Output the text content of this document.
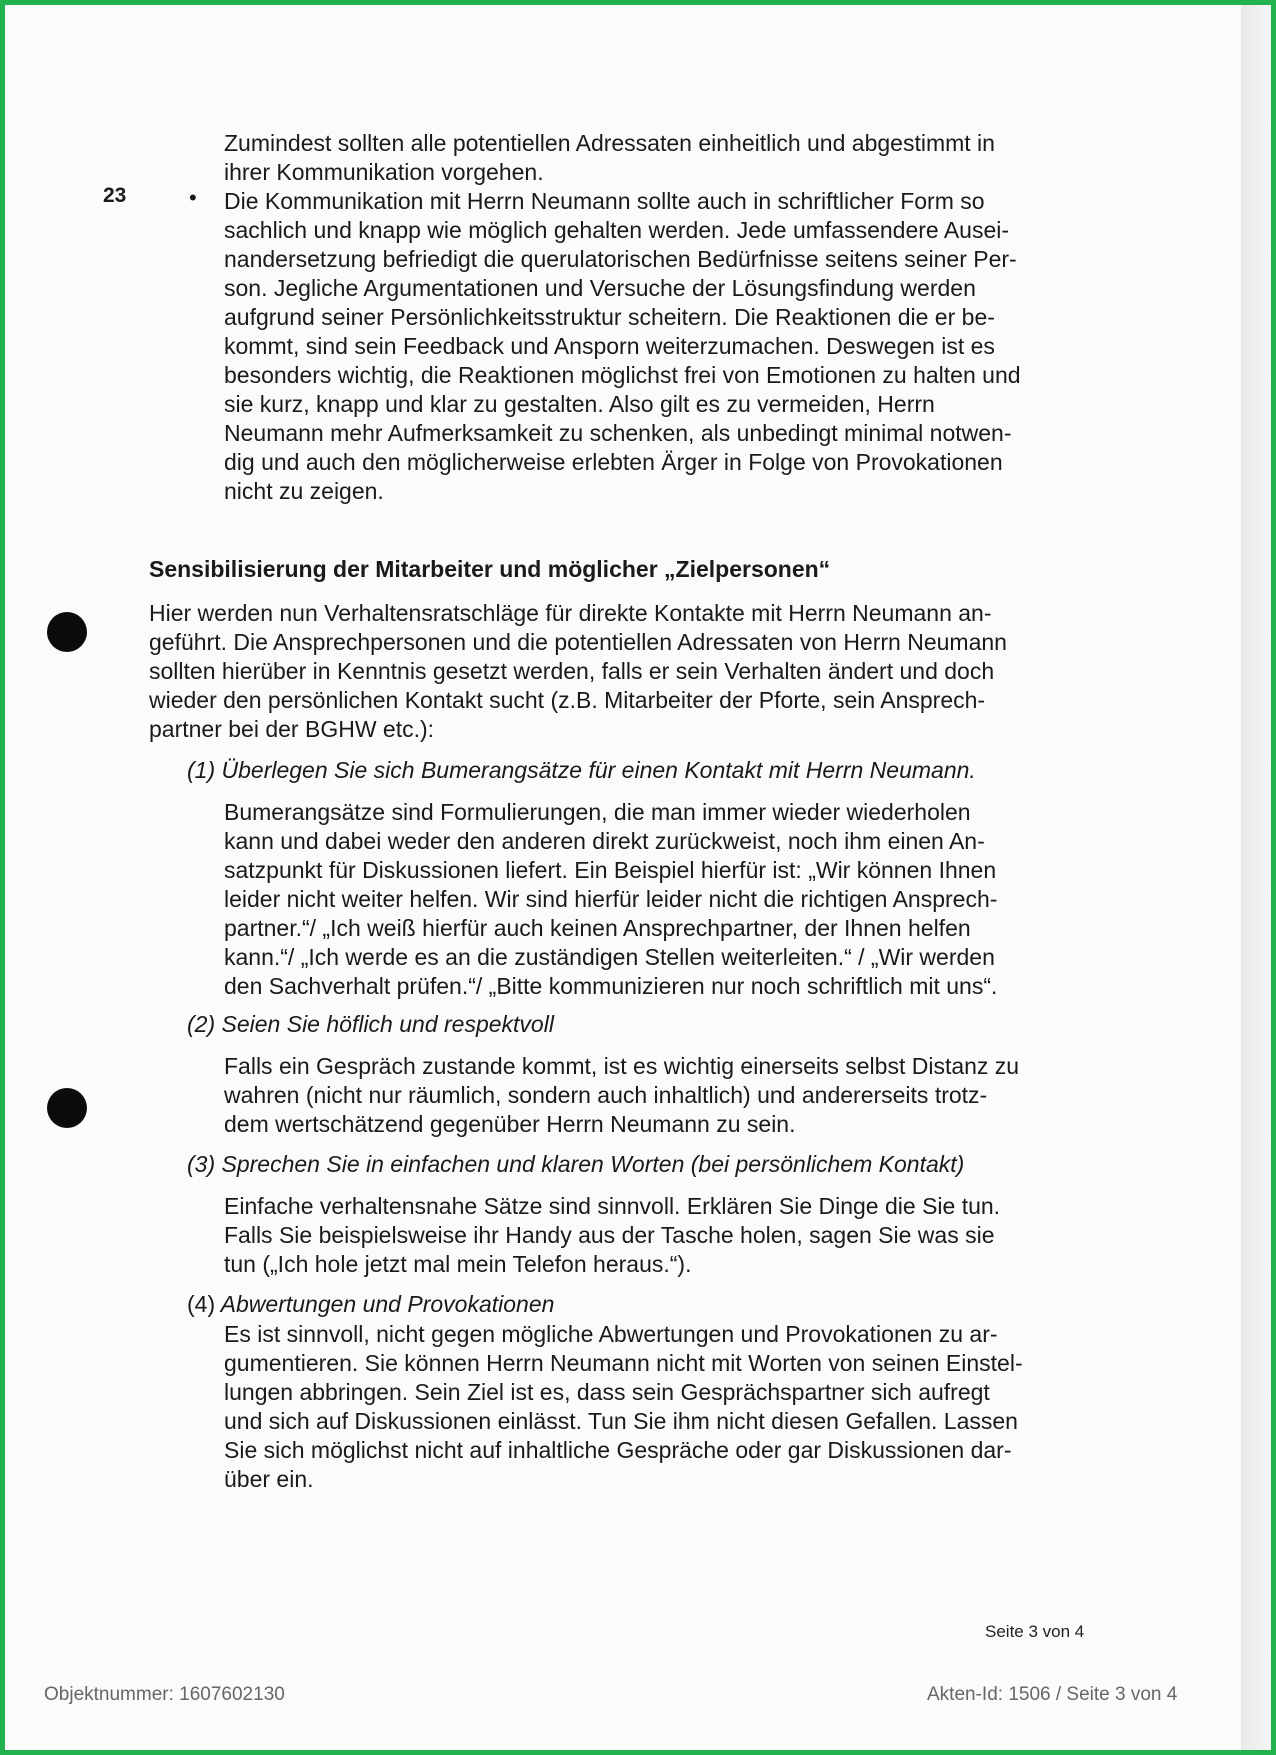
23	•
Zumindest sollten alle potentiellen Adressaten einheitlich und abgestimmt in
ihrer Kommunikation vorgehen.
Die Kommunikation mit Herrn Neumann sollte auch in schriftlicher Form so
sachlich und knapp wie möglich gehalten werden. Jede umfassendere Ausei-
nandersetzung befriedigt die querulatorischen Bedürfnisse seitens seiner Per-
son. Jegliche Argumentationen und Versuche der Lösungsfindung werden
aufgrund seiner Persönlichkeitsstruktur scheitern. Die Reaktionen die er be-
kommt, sind sein Feedback und Ansporn weiterzumachen. Deswegen ist es
besonders wichtig, die Reaktionen möglichst frei von Emotionen zu halten und
sie kurz, knapp und klar zu gestalten. Also gilt es zu vermeiden, Herrn
Neumann mehr Aufmerksamkeit zu schenken, als unbedingt minimal notwen-
dig und auch den möglicherweise erlebten Ärger in Folge von Provokationen
nicht zu zeigen.
Sensibilisierung der Mitarbeiter und möglicher „Zielpersonen“
Hier werden nun Verhaltensratschläge für direkte Kontakte mit Herrn Neumann an-
geführt. Die Ansprechpersonen und die potentiellen Adressaten von Herrn Neumann
sollten hierüber in Kenntnis gesetzt werden, falls er sein Verhalten ändert und doch
wieder den persönlichen Kontakt sucht (z.B. Mitarbeiter der Pforte, sein Ansprech-
partner bei der BGHW etc.):
(1) Überlegen Sie sich Bumerangsätze für einen Kontakt mit Herrn Neumann.
Bumerangsätze sind Formulierungen, die man immer wieder wiederholen
kann und dabei weder den anderen direkt zurückweist, noch ihm einen An-
satzpunkt für Diskussionen liefert. Ein Beispiel hierfür ist: „Wir können Ihnen
leider nicht weiter helfen. Wir sind hierfür leider nicht die richtigen Ansprech-
partner.“/ „Ich weiß hierfür auch keinen Ansprechpartner, der Ihnen helfen
kann.“/ „Ich werde es an die zuständigen Stellen weiterleiten.“ / „Wir werden
den Sachverhalt prüfen.“/ „Bitte kommunizieren nur noch schriftlich mit uns“.
(2) Seien Sie höflich und respektvoll
Falls ein Gespräch zustande kommt, ist es wichtig einerseits selbst Distanz zu
wahren (nicht nur räumlich, sondern auch inhaltlich) und andererseits trotz-
dem wertschätzend gegenüber Herrn Neumann zu sein.
(3) Sprechen Sie in einfachen und klaren Worten (bei persönlichem Kontakt)
Einfache verhaltensnahe Sätze sind sinnvoll. Erklären Sie Dinge die Sie tun.
Falls Sie beispielsweise ihr Handy aus der Tasche holen, sagen Sie was sie
tun („Ich hole jetzt mal mein Telefon heraus.“).
(4) Abwertungen und Provokationen
Es ist sinnvoll, nicht gegen mögliche Abwertungen und Provokationen zu ar-
gumentieren. Sie können Herrn Neumann nicht mit Worten von seinen Einstel-
lungen abbringen. Sein Ziel ist es, dass sein Gesprächspartner sich aufregt
und sich auf Diskussionen einlässt. Tun Sie ihm nicht diesen Gefallen. Lassen
Sie sich möglichst nicht auf inhaltliche Gespräche oder gar Diskussionen dar-
über ein.
Seite 3 von 4
Objektnummer: 1607602130	Akten-Id: 1506 / Seite 3 von 4
